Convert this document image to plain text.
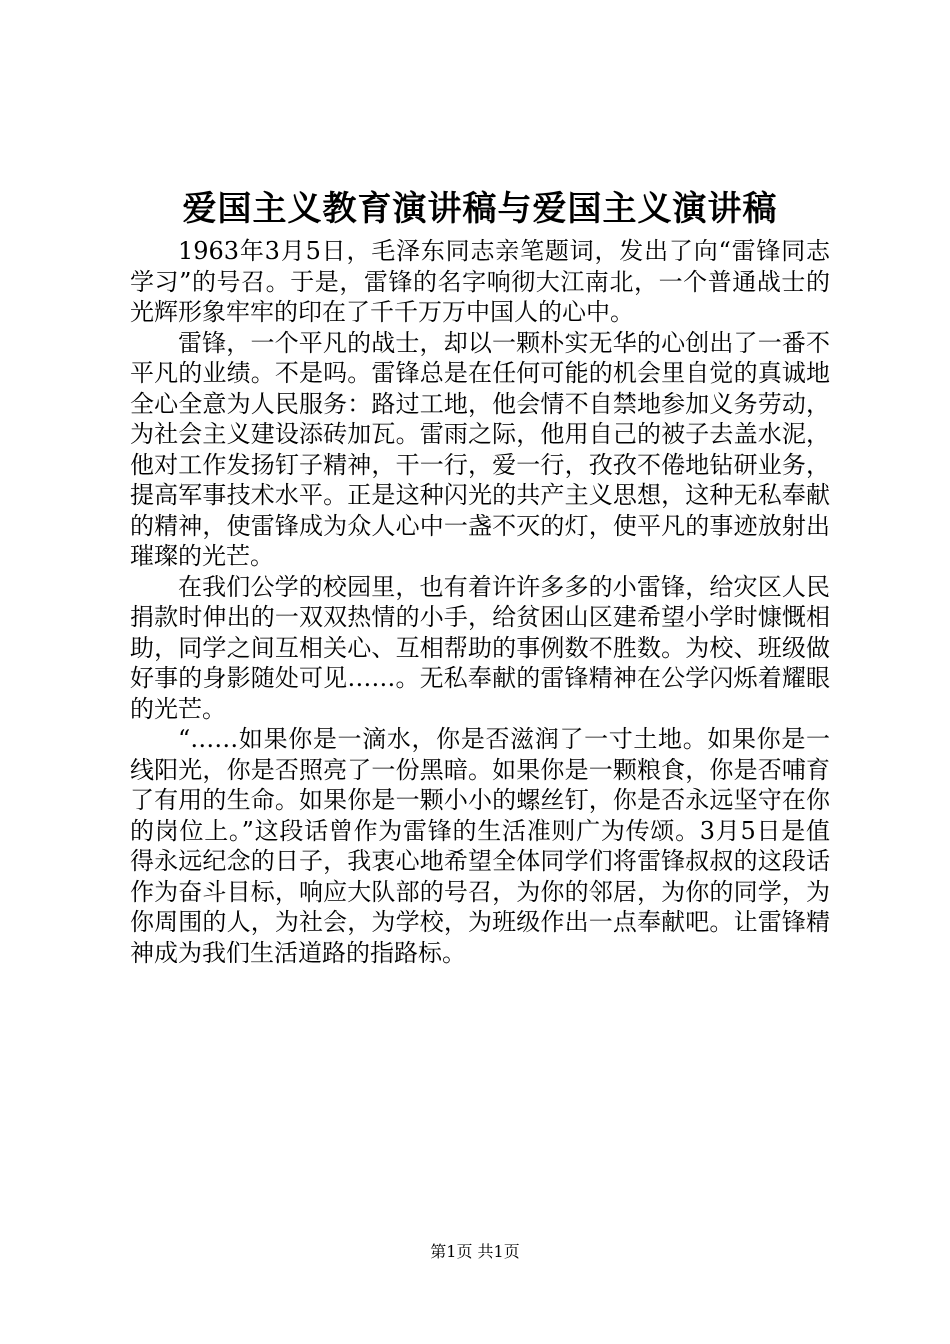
爱国主义教育演讲稿与爱国主义演讲稿

1963年3月5日，毛泽东同志亲笔题词，发出了向“雷锋同志学习”的号召。于是，雷锋的名字响彻大江南北，一个普通战士的光辉形象牢牢的印在了千千万万中国人的心中。

雷锋，一个平凡的战士，却以一颗朴实无华的心创出了一番不平凡的业绩。不是吗。雷锋总是在任何可能的机会里自觉的真诚地全心全意为人民服务：路过工地，他会情不自禁地参加义务劳动，为社会主义建设添砖加瓦。雷雨之际，他用自己的被子去盖水泥，他对工作发扬钉子精神，干一行，爱一行，孜孜不倦地钻研业务，提高军事技术水平。正是这种闪光的共产主义思想，这种无私奉献的精神，使雷锋成为众人心中一盏不灭的灯，使平凡的事迹放射出璀璨的光芒。

在我们公学的校园里，也有着许许多多的小雷锋，给灾区人民捐款时伸出的一双双热情的小手，给贫困山区建希望小学时慷慨相助，同学之间互相关心、互相帮助的事例数不胜数。为校、班级做好事的身影随处可见……。无私奉献的雷锋精神在公学闪烁着耀眼的光芒。

“……如果你是一滴水，你是否滋润了一寸土地。如果你是一线阳光，你是否照亮了一份黑暗。如果你是一颗粮食，你是否哺育了有用的生命。如果你是一颗小小的螺丝钉，你是否永远坚守在你的岗位上。”这段话曾作为雷锋的生活准则广为传颂。3月5日是值得永远纪念的日子，我衷心地希望全体同学们将雷锋叔叔的这段话作为奋斗目标，响应大队部的号召，为你的邻居，为你的同学，为你周围的人，为社会，为学校，为班级作出一点奉献吧。让雷锋精神成为我们生活道路的指路标。

第1页 共1页
